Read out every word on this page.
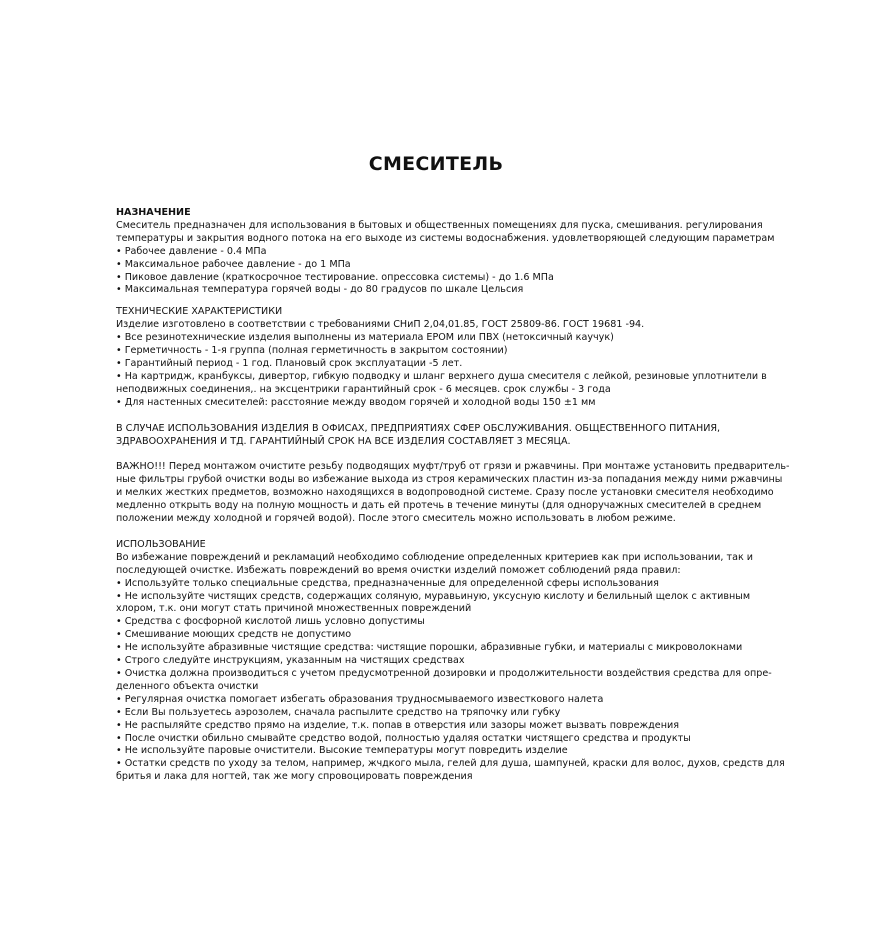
СМЕСИТЕЛЬ
НАЗНАЧЕНИЕ
Смеситель предназначен для использования в бытовых и общественных помещениях для пуска, смешивания. регулирования
температуры и закрытия водного потока на его выходе из системы водоснабжения. удовлетворяющей следующим параметрам
• Рабочее давление - 0.4 МПа
• Максимальное рабочее давление - до 1 МПа
• Пиковое давление (краткосрочное тестирование. опрессовка системы) - до 1.6 МПа
• Максимальная температура горячей воды - до 80 градусов по шкале Цельсия
ТЕХНИЧЕСКИЕ ХАРАКТЕРИСТИКИ
Изделие изготовлено в соответствии с требованиями СНиП 2,04,01.85, ГОСТ 25809-86. ГОСТ 19681 -94.
• Все резинотехнические изделия выполнены из материала ЕРОМ или ПВХ (нетоксичный каучук)
• Герметичность - 1-я группа (полная герметичность в закрытом состоянии)
• Гарантийный период - 1 год. Плановый срок эксплуатации -5 лет.
• На картридж, кранбуксы, дивертор, гибкую подводку и шланг верхнего душа смесителя с лейкой, резиновые уплотнители в
неподвижных соединения,. на эксцентрики гарантийный срок - 6 месяцев. срок службы - 3 года
• Для настенных смесителей: расстояние между вводом горячей и холодной воды 150 ±1 мм
В СЛУЧАЕ ИСПОЛЬЗОВАНИЯ ИЗДЕЛИЯ В ОФИСАХ, ПРЕДПРИЯТИЯХ СФЕР ОБСЛУЖИВАНИЯ. ОБЩЕСТВЕННОГО ПИТАНИЯ,
ЗДРАВООХРАНЕНИЯ И ТД. ГАРАНТИЙНЫЙ СРОК НА ВСЕ ИЗДЕЛИЯ СОСТАВЛЯЕТ 3 МЕСЯЦА.
ВАЖНО!!! Перед монтажом очистите резьбу подводящих муфт/труб от грязи и ржавчины. При монтаже установить предваритель-
ные фильтры грубой очистки воды во избежание выхода из строя керамических пластин из-за попадания между ними ржавчины
и мелких жестких предметов, возможно находящихся в водопроводной системе. Сразу после установки смесителя необходимо
медленно открыть воду на полную мощность и дать ей протечь в течение минуты (для одноручажных смесителей в среднем
положении между холодной и горячей водой). После этого смеситель можно использовать в любом режиме.
ИСПОЛЬЗОВАНИЕ
Во избежание повреждений и рекламаций необходимо соблюдение определенных критериев как при использовании, так и
последующей очистке. Избежать повреждений во время очистки изделий поможет соблюдений ряда правил:
• Используйте только специальные средства, предназначенные для определенной сферы использования
• Не используйте чистящих средств, содержащих соляную, муравьиную, уксусную кислоту и белильный щелок с активным
хлором, т.к. они могут стать причиной множественных повреждений
• Средства с фосфорной кислотой лишь условно допустимы
• Смешивание моющих средств не допустимо
• Не используйте абразивные чистящие средства: чистящие порошки, абразивные губки, и материалы с микроволокнами
• Строго следуйте инструкциям, указанным на чистящих средствах
• Очистка должна производиться с учетом предусмотренной дозировки и продолжительности воздействия средства для опре-
деленного объекта очистки
• Регулярная очистка помогает избегать образования трудносмываемого известкового налета
• Если Вы пользуетесь аэрозолем, сначала распылите средство на тряпочку или губку
• Не распыляйте средство прямо на изделие, т.к. попав в отверстия или зазоры может вызвать повреждения
• После очистки обильно смывайте средство водой, полностью удаляя остатки чистящего средства и продукты
• Не используйте паровые очистители. Высокие температуры могут повредить изделие
• Остатки средств по уходу за телом, например, жчдкого мыла, гелей для душа, шампуней, краски для волос, духов, средств для
бритья и лака для ногтей, так же могу спровоцировать повреждения
